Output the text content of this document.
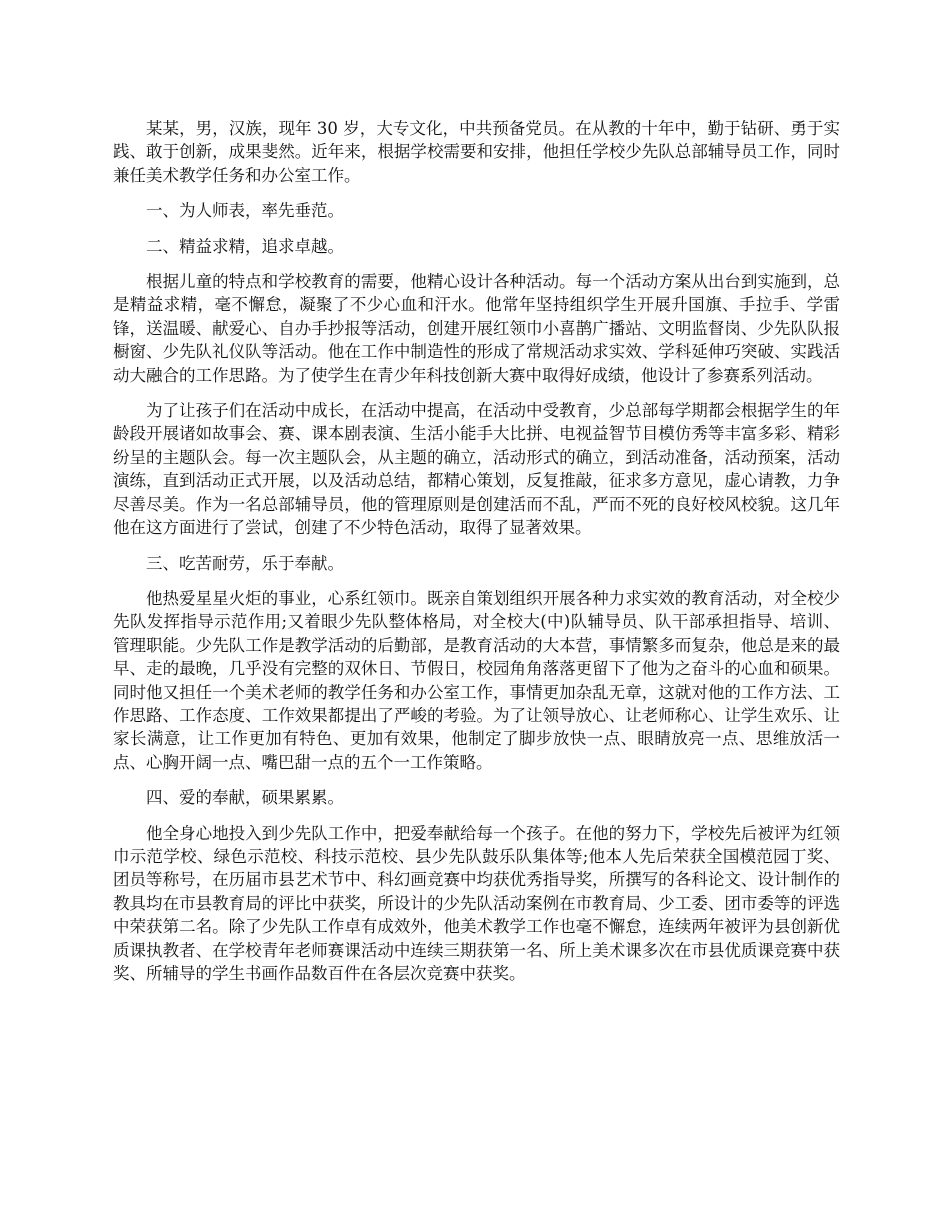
某某，男，汉族，现年 30 岁，大专文化，中共预备党员。在从教的十年中，勤于钻研、勇于实践、敢于创新，成果斐然。近年来，根据学校需要和安排，他担任学校少先队总部辅导员工作，同时兼任美术教学任务和办公室工作。

一、为人师表，率先垂范。

二、精益求精，追求卓越。

根据儿童的特点和学校教育的需要，他精心设计各种活动。每一个活动方案从出台到实施到，总是精益求精，毫不懈怠，凝聚了不少心血和汗水。他常年坚持组织学生开展升国旗、手拉手、学雷锋，送温暖、献爱心、自办手抄报等活动，创建开展红领巾小喜鹊广播站、文明监督岗、少先队队报橱窗、少先队礼仪队等活动。他在工作中制造性的形成了常规活动求实效、学科延伸巧突破、实践活动大融合的工作思路。为了使学生在青少年科技创新大赛中取得好成绩，他设计了参赛系列活动。

为了让孩子们在活动中成长，在活动中提高，在活动中受教育，少总部每学期都会根据学生的年龄段开展诸如故事会、赛、课本剧表演、生活小能手大比拼、电视益智节目模仿秀等丰富多彩、精彩纷呈的主题队会。每一次主题队会，从主题的确立，活动形式的确立，到活动准备，活动预案，活动演练，直到活动正式开展，以及活动总结，都精心策划，反复推敲，征求多方意见，虚心请教，力争尽善尽美。作为一名总部辅导员，他的管理原则是创建活而不乱，严而不死的良好校风校貌。这几年他在这方面进行了尝试，创建了不少特色活动，取得了显著效果。

三、吃苦耐劳，乐于奉献。

他热爱星星火炬的事业，心系红领巾。既亲自策划组织开展各种力求实效的教育活动，对全校少先队发挥指导示范作用;又着眼少先队整体格局，对全校大(中)队辅导员、队干部承担指导、培训、管理职能。少先队工作是教学活动的后勤部，是教育活动的大本营，事情繁多而复杂，他总是来的最早、走的最晚，几乎没有完整的双休日、节假日，校园角角落落更留下了他为之奋斗的心血和硕果。同时他又担任一个美术老师的教学任务和办公室工作，事情更加杂乱无章，这就对他的工作方法、工作思路、工作态度、工作效果都提出了严峻的考验。为了让领导放心、让老师称心、让学生欢乐、让家长满意，让工作更加有特色、更加有效果，他制定了脚步放快一点、眼睛放亮一点、思维放活一点、心胸开阔一点、嘴巴甜一点的五个一工作策略。

四、爱的奉献，硕果累累。

他全身心地投入到少先队工作中，把爱奉献给每一个孩子。在他的努力下，学校先后被评为红领巾示范学校、绿色示范校、科技示范校、县少先队鼓乐队集体等;他本人先后荣获全国模范园丁奖、团员等称号，在历届市县艺术节中、科幻画竞赛中均获优秀指导奖，所撰写的各科论文、设计制作的教具均在市县教育局的评比中获奖，所设计的少先队活动案例在市教育局、少工委、团市委等的评选中荣获第二名。除了少先队工作卓有成效外，他美术教学工作也毫不懈怠，连续两年被评为县创新优质课执教者、在学校青年老师赛课活动中连续三期获第一名、所上美术课多次在市县优质课竞赛中获奖、所辅导的学生书画作品数百件在各层次竞赛中获奖。
